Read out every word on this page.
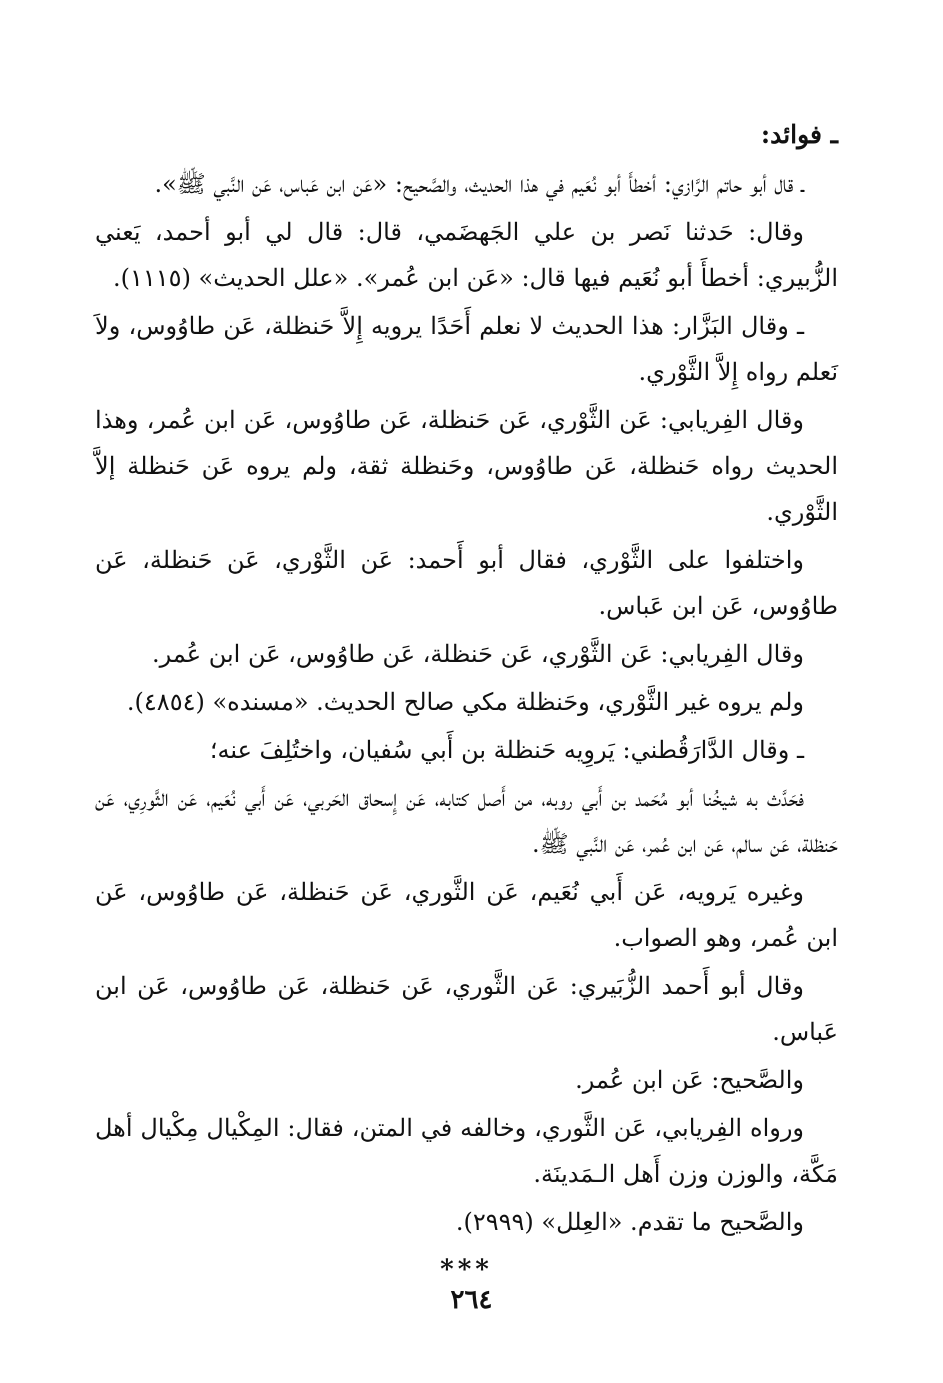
ـ فوائد:

ـ قال أبو حاتم الرَّازي: أخطأَ أبو نُعَيم في هذا الحديث، والصَّحيح: «عَن ابن عَباس، عَن النَّبي ﷺ».

وقال: حَدثنا نَصر بن علي الجَهضَمي، قال: قال لي أبو أحمد، يَعني الزُّبيري: أخطأَ أبو نُعَيم فيها قال: «عَن ابن عُمر». «علل الحديث» (١١١٥).

ـ وقال البَزَّار: هذا الحديث لا نعلم أَحَدًا يرويه إِلاَّ حَنظلة، عَن طاوُوس، ولاَ نَعلم رواه إِلاَّ الثَّوْري.

وقال الفِريابي: عَن الثَّوْري، عَن حَنظلة، عَن طاوُوس، عَن ابن عُمر، وهذا الحديث رواه حَنظلة، عَن طاوُوس، وحَنظلة ثقة، ولم يروه عَن حَنظلة إلاَّ الثَّوْري.

واختلفوا على الثَّوْري، فقال أبو أَحمد: عَن الثَّوْري، عَن حَنظلة، عَن طاوُوس، عَن ابن عَباس.

وقال الفِريابي: عَن الثَّوْري، عَن حَنظلة، عَن طاوُوس، عَن ابن عُمر.

ولم يروه غير الثَّوْري، وحَنظلة مكي صالح الحديث. «مسنده» (٤٨٥٤).

ـ وقال الدَّارَقُطني: يَروِيه حَنظلة بن أَبي سُفيان، واختُلِفَ عنه؛

فحَدَّث به شيخُنا أبو مُحَمد بن أَبي روبه، من أَصل كتابه، عَن إِسحاق الحَربي، عَن أَبي نُعَيم، عَن الثَّورِي، عَن حَنظلة، عَن سالم، عَن ابن عُمر، عَن النَّبي ﷺ.

وغيره يَرويه، عَن أَبي نُعَيم، عَن الثَّوري، عَن حَنظلة، عَن طاوُوس، عَن ابن عُمر، وهو الصواب.

وقال أبو أَحمد الزُّبَيري: عَن الثَّوري، عَن حَنظلة، عَن طاوُوس، عَن ابن عَباس.

والصَّحيح: عَن ابن عُمر.

ورواه الفِريابي، عَن الثَّوري، وخالفه في المتن، فقال: المِكْيال مِكْيال أهل مَكَّة، والوزن وزن أَهل الـمَدينَة.

والصَّحيح ما تقدم. «العِلل» (٢٩٩٩).

***
٢٦٤
